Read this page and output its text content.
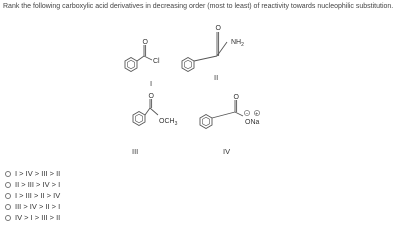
Rank the following carboxylic acid derivatives in decreasing order (most to least) of reactivity towards nucleophilic substitution.
O
Cl
I
O
$NH_2$
II
O
$OCH_3$
III
O
− +
ONa
IV
I > IV > III > II
II > III > IV > I
I > III > II > IV
III > IV > II > I
IV > I > III > II
